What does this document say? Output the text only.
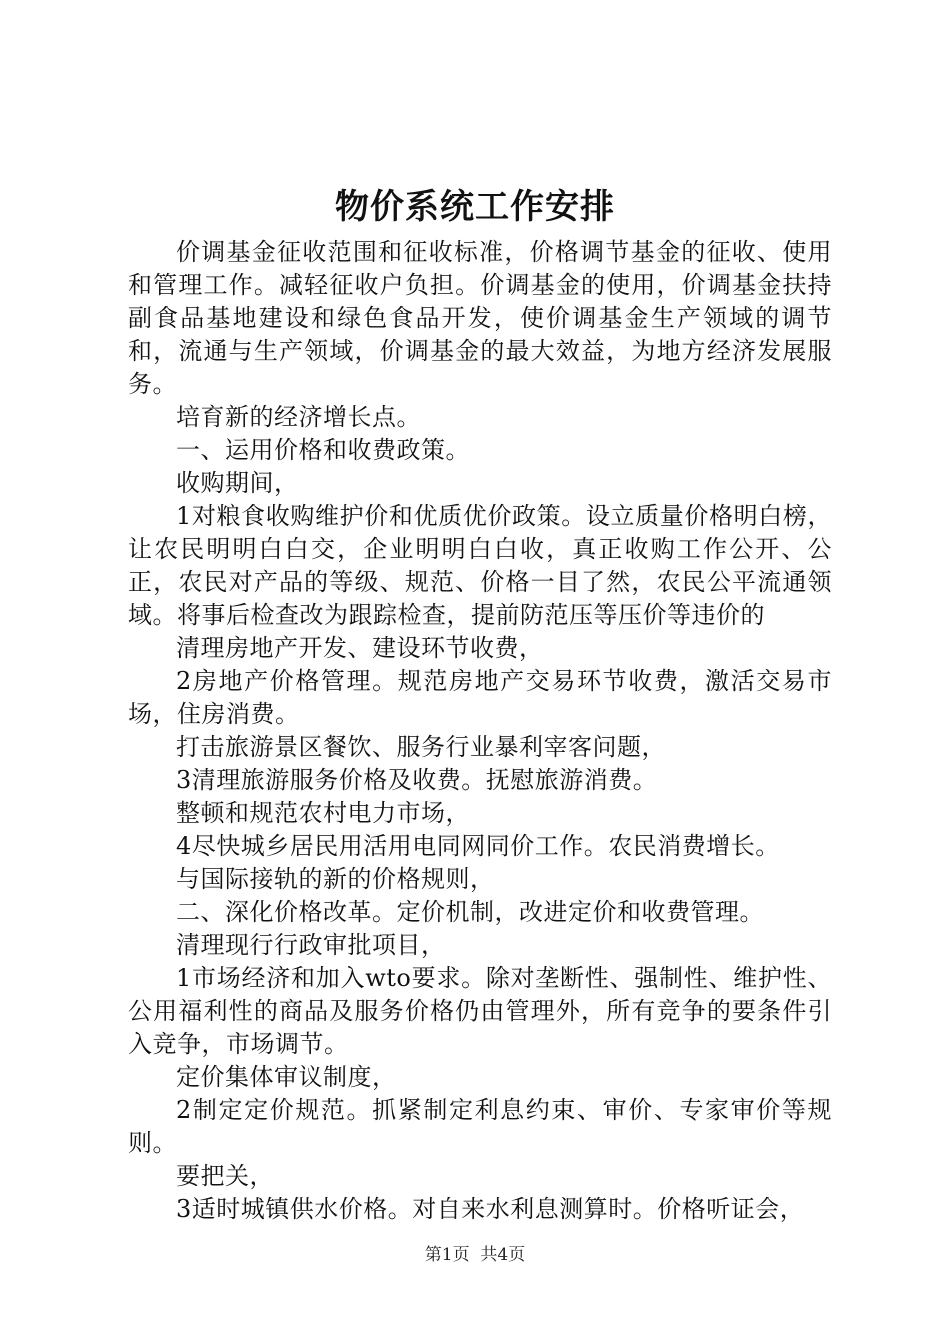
物价系统工作安排

价调基金征收范围和征收标准，价格调节基金的征收、使用和管理工作。减轻征收户负担。价调基金的使用，价调基金扶持副食品基地建设和绿色食品开发，使价调基金生产领域的调节和，流通与生产领域，价调基金的最大效益，为地方经济发展服务。

培育新的经济增长点。

一、运用价格和收费政策。

收购期间，

1对粮食收购维护价和优质优价政策。设立质量价格明白榜，让农民明明白白交，企业明明白白收，真正收购工作公开、公正，农民对产品的等级、规范、价格一目了然，农民公平流通领域。将事后检查改为跟踪检查，提前防范压等压价等违价的

清理房地产开发、建设环节收费，

2房地产价格管理。规范房地产交易环节收费，激活交易市场，住房消费。

打击旅游景区餐饮、服务行业暴利宰客问题，

3清理旅游服务价格及收费。抚慰旅游消费。

整顿和规范农村电力市场，

4尽快城乡居民用活用电同网同价工作。农民消费增长。

与国际接轨的新的价格规则，

二、深化价格改革。定价机制，改进定价和收费管理。

清理现行行政审批项目，

1市场经济和加入wto要求。除对垄断性、强制性、维护性、公用福利性的商品及服务价格仍由管理外，所有竞争的要条件引入竞争，市场调节。

定价集体审议制度，

2制定定价规范。抓紧制定利息约束、审价、专家审价等规则。

要把关，

3适时城镇供水价格。对自来水利息测算时。价格听证会，

第1页 共4页
